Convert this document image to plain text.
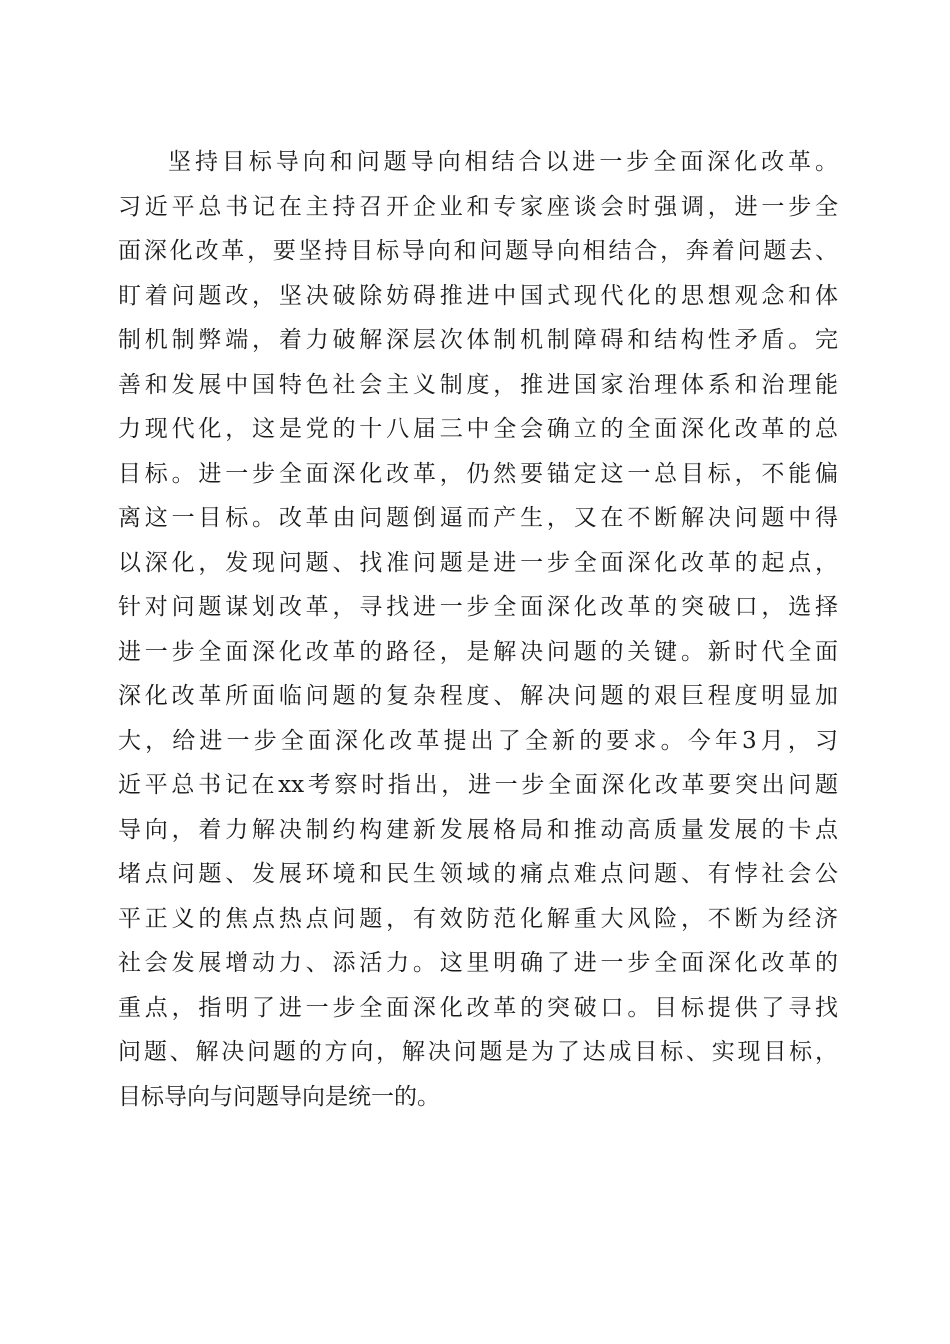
坚持目标导向和问题导向相结合以进一步全面深化改革。
习近平总书记在主持召开企业和专家座谈会时强调，进一步全
面深化改革，要坚持目标导向和问题导向相结合，奔着问题去、
盯着问题改，坚决破除妨碍推进中国式现代化的思想观念和体
制机制弊端，着力破解深层次体制机制障碍和结构性矛盾。完
善和发展中国特色社会主义制度，推进国家治理体系和治理能
力现代化，这是党的十八届三中全会确立的全面深化改革的总
目标。进一步全面深化改革，仍然要锚定这一总目标，不能偏
离这一目标。改革由问题倒逼而产生，又在不断解决问题中得
以深化，发现问题、找准问题是进一步全面深化改革的起点，
针对问题谋划改革，寻找进一步全面深化改革的突破口，选择
进一步全面深化改革的路径，是解决问题的关键。新时代全面
深化改革所面临问题的复杂程度、解决问题的艰巨程度明显加
大，给进一步全面深化改革提出了全新的要求。今年3月，习
近平总书记在xx考察时指出，进一步全面深化改革要突出问题
导向，着力解决制约构建新发展格局和推动高质量发展的卡点
堵点问题、发展环境和民生领域的痛点难点问题、有悖社会公
平正义的焦点热点问题，有效防范化解重大风险，不断为经济
社会发展增动力、添活力。这里明确了进一步全面深化改革的
重点，指明了进一步全面深化改革的突破口。目标提供了寻找
问题、解决问题的方向，解决问题是为了达成目标、实现目标，
目标导向与问题导向是统一的。
